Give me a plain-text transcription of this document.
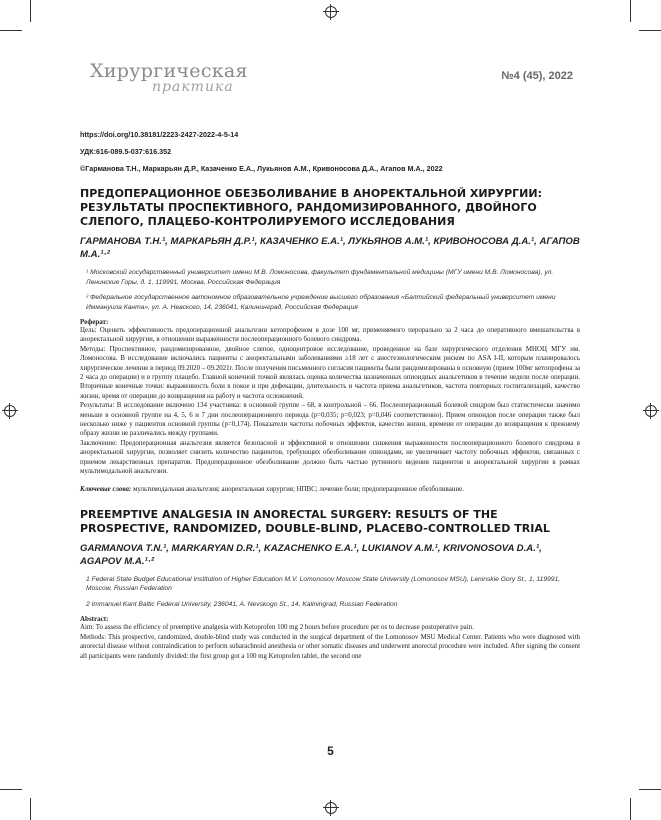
Хирургическая
практика
№4 (45), 2022

https://doi.org/10.38181/2223-2427-2022-4-5-14

УДК:616-089.5-037:616.352

©Гарманова Т.Н., Маркарьян Д.Р., Казаченко Е.А., Лукьянов А.М., Кривоносова Д.А., Агапов М.А., 2022

ПРЕДОПЕРАЦИОННОЕ ОБЕЗБОЛИВАНИЕ В АНОРЕКТАЛЬНОЙ ХИРУРГИИ: РЕЗУЛЬТАТЫ ПРОСПЕКТИВНОГО, РАНДОМИЗИРОВАННОГО, ДВОЙНОГО СЛЕПОГО, ПЛАЦЕБО-КОНТРОЛИРУЕМОГО ИССЛЕДОВАНИЯ

ГАРМАНОВА Т.Н.¹, МАРКАРЬЯН Д.Р.¹, КАЗАЧЕНКО Е.А.¹, ЛУКЬЯНОВ А.М.¹, КРИВОНОСОВА Д.А.¹, АГАПОВ М.А.¹·²

¹ Московский государственный университет имени М.В. Ломоносова, факультет фундаментальной медицины (МГУ имени М.В. Ломоносова), ул. Ленинские Горы, д. 1, 119991, Москва, Российская Федерация

² Федеральное государственное автономное образовательное учреждение высшего образования «Балтийский федеральный университет имени Иммануила Канта», ул. А. Невского, 14, 236041, Калининград, Российская Федерация

Реферат:

Цель: Оценить эффективность предоперационной анальгезии кетопрофеном в дозе 100 мг, применяемого перорально за 2 часа до оперативного вмешательства в аноректальной хирургии, в отношении выраженности послеоперационного болевого синдрома.

Методы: Проспективное, рандомизированное, двойное слепое, одноцентровое исследование, проведенное на базе хирургического отделения МНОЦ МГУ им. Ломоносова. В исследование включались пациенты с аноректальными заболеваниями ≥18 лет с анестезиологическим риском по ASA I-II, которым планировалось хирургическое лечение в период 09.2020 – 09.2021г. После получения письменного согласия пациенты были рандомизированы в основную (прием 100мг кетопрофена за 2 часа до операции) и в группу плацебо. Главной конечной точкой являлась оценка количества назначенных опиоидных анальгетиков в течение недели после операции. Вторичные конечные точки: выраженность боли в покое и при дефекации, длительность и частота приема анальгетиков, частота повторных госпитализаций, качество жизни, время от операции до возвращения на работу и частота осложнений.

Результаты: В исследование включено 134 участника: в основной группе – 68, в контрольной – 66. Послеоперационный болевой синдром был статистически значимо меньше в основной группе на 4, 5, 6 и 7 дни послеоперационного периода (p=0,035; p=0,023; p=0,046 соответственно). Прием опиоидов после операции также был несколько ниже у пациентов основной группы (p=0,174). Показатели частоты побочных эффектов, качество жизни, времени от операции до возвращения к прежнему образу жизни не различались между группами.

Заключение: Предоперационная анальгезия является безопасной и эффективной в отношении снижения выраженности послеоперационного болевого синдрома в аноректальной хирургии, позволяет снизить количество пациентов, требующих обезболивание опиоидами, не увеличивает частоту побочных эффектов, связанных с приемом лекарственных препаратов. Предоперационное обезболивание должно быть частью рутинного ведения пациентов в аноректальной хирургии в рамках мультимодальной анальгезии.

Ключевые слова: мультимодальная анальгезия; аноректальная хирургия; НПВС; лечение боли; предоперационное обезболивание.

PREEMPTIVE ANALGESIA IN ANORECTAL SURGERY: RESULTS OF THE PROSPECTIVE, RANDOMIZED, DOUBLE-BLIND, PLACEBO-CONTROLLED TRIAL

GARMANOVA T.N.¹, MARKARYAN D.R.¹, KAZACHENKO E.A.¹, LUKIANOV A.M.¹, KRIVONOSOVA D.A.¹, AGAPOV M.A.¹·²

1 Federal State Budget Educational Institution of Higher Education M.V. Lomonosov Moscow State University (Lomonosov MSU), Leninskie Gory St., 1, 119991, Moscow, Russian Federation

2 Immanuel Kant Baltic Federal University, 236041, A. Nevskogo St., 14, Kaliningrad, Russian Federation

Abstract:

Aim: To assess the efficiency of preemptive analgesia with Ketoprofen 100 mg 2 hours before procedure per os to decrease postoperative pain.

Methods: This prospective, randomized, double-blind study was conducted in the surgical department of the Lomonosov MSU Medical Center. Patients who were diagnosed with anorectal disease without contraindication to perform subarachnoid anesthesia or other somatic diseases and underwent anorectal procedure were included. After signing the consent all participants were randomly divided: the first group got a 100 mg Ketoprofen tablet, the second one

5
